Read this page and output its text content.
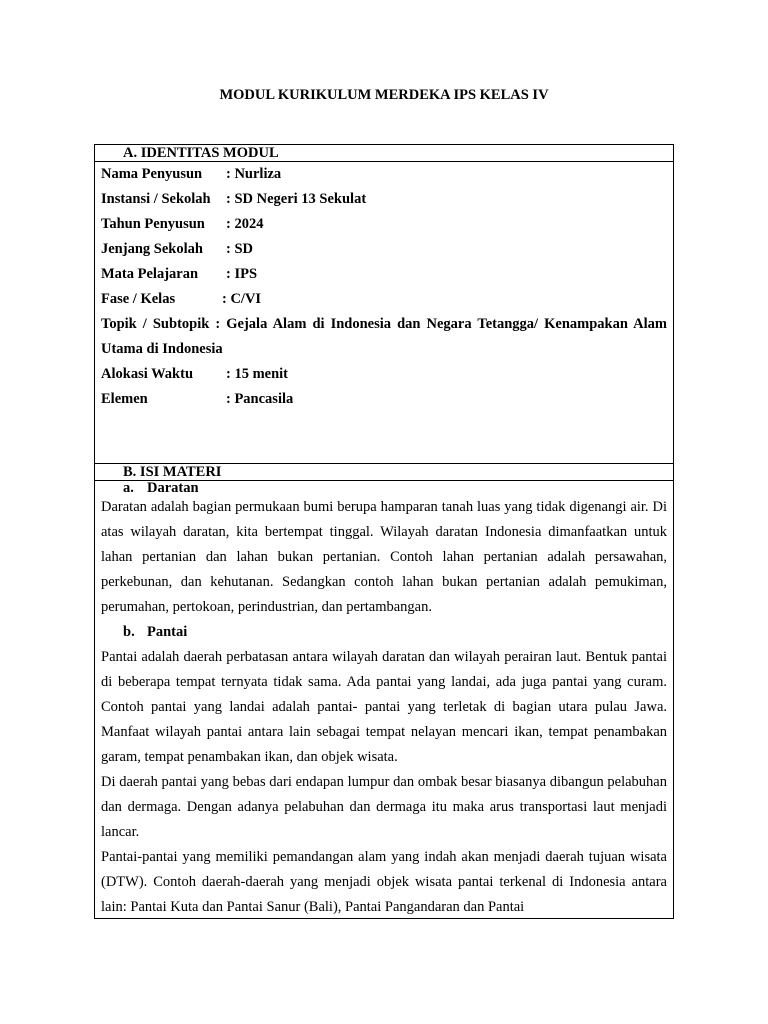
MODUL KURIKULUM MERDEKA IPS KELAS IV
A. IDENTITAS MODUL
Nama Penyusun	: Nurliza
Instansi / Sekolah	: SD Negeri 13 Sekulat
Tahun Penyusun	: 2024
Jenjang Sekolah	: SD
Mata Pelajaran	: IPS
Fase / Kelas	: C/VI
Topik / Subtopik : Gejala Alam di Indonesia dan Negara Tetangga/ Kenampakan Alam Utama di Indonesia
Alokasi Waktu	: 15 menit
Elemen	: Pancasila
B. ISI MATERI
a. Daratan

Daratan adalah bagian permukaan bumi berupa hamparan tanah luas yang tidak digenangi air. Di atas wilayah daratan, kita bertempat tinggal. Wilayah daratan Indonesia dimanfaatkan untuk lahan pertanian dan lahan bukan pertanian. Contoh lahan pertanian adalah persawahan, perkebunan, dan kehutanan. Sedangkan contoh lahan bukan pertanian adalah pemukiman, perumahan, pertokoan, perindustrian, dan pertambangan.

b. Pantai

Pantai adalah daerah perbatasan antara wilayah daratan dan wilayah perairan laut. Bentuk pantai di beberapa tempat ternyata tidak sama. Ada pantai yang landai, ada juga pantai yang curam. Contoh pantai yang landai adalah pantai- pantai yang terletak di bagian utara pulau Jawa. Manfaat wilayah pantai antara lain sebagai tempat nelayan mencari ikan, tempat penambakan garam, tempat penambakan ikan, dan objek wisata.

Di daerah pantai yang bebas dari endapan lumpur dan ombak besar biasanya dibangun pelabuhan dan dermaga. Dengan adanya pelabuhan dan dermaga itu maka arus transportasi laut menjadi lancar.

Pantai-pantai yang memiliki pemandangan alam yang indah akan menjadi daerah tujuan wisata (DTW). Contoh daerah-daerah yang menjadi objek wisata pantai terkenal di Indonesia antara lain: Pantai Kuta dan Pantai Sanur (Bali), Pantai Pangandaran dan Pantai
